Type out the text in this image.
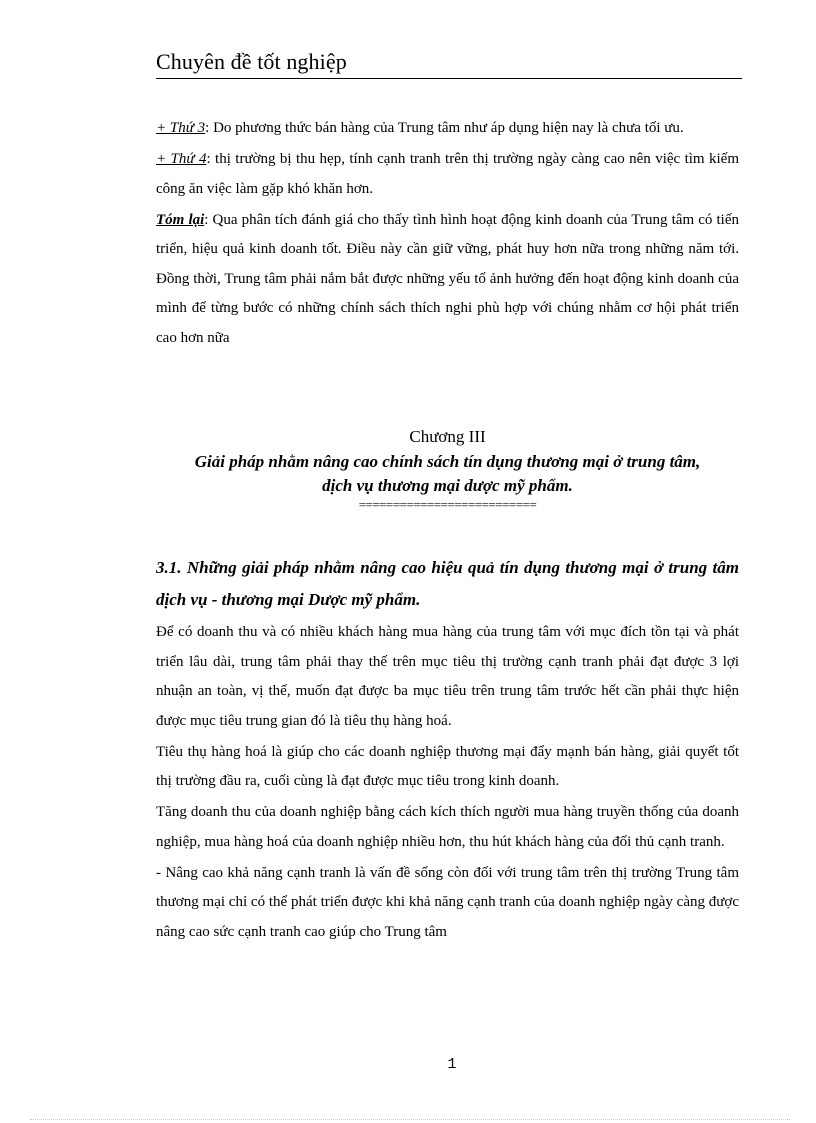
Chuyên đề tốt nghiệp

+ Thứ 3: Do phương thức bán hàng của Trung tâm như áp dụng hiện nay là chưa tối ưu.

+ Thứ 4: thị trường bị thu hẹp, tính cạnh tranh trên thị trường ngày càng cao nên việc tìm kiếm công ăn việc làm gặp khó khăn hơn.

Tóm lại: Qua phân tích đánh giá cho thấy tình hình hoạt động kinh doanh của Trung tâm có tiến triển, hiệu quả kinh doanh tốt. Điều này cần giữ vững, phát huy hơn nữa trong những năm tới. Đồng thời, Trung tâm phải nắm bắt được những yếu tố ảnh hưởng đến hoạt động kinh doanh của mình để từng bước có những chính sách thích nghi phù hợp với chúng nhằm cơ hội phát triển cao hơn nữa

Chương III
Giải pháp nhằm nâng cao chính sách tín dụng thương mại ở trung tâm,
dịch vụ thương mại dược mỹ phẩm.
==========================
3.1. Những giải pháp nhằm nâng cao hiệu quả tín dụng thương mại ở trung tâm dịch vụ - thương mại Dược mỹ phẩm.

Để có doanh thu và có nhiều khách hàng mua hàng của trung tâm với mục đích tồn tại và phát triển lâu dài, trung tâm phải thay thế trên mục tiêu thị trường cạnh tranh phải đạt được 3 lợi nhuận an toàn, vị thế, muốn đạt được ba mục tiêu trên trung tâm trước hết cần phải thực hiện được mục tiêu trung gian đó là tiêu thụ hàng hoá.

Tiêu thụ hàng hoá là giúp cho các doanh nghiệp thương mại đẩy mạnh bán hàng, giải quyết tốt thị trường đầu ra, cuối cùng là đạt được mục tiêu trong kinh doanh.

Tăng doanh thu của doanh nghiệp bằng cách kích thích người mua hàng truyền thống của doanh nghiệp, mua hàng hoá của doanh nghiệp nhiều hơn, thu hút khách hàng của đối thủ cạnh tranh.

- Nâng cao khả năng cạnh tranh là vấn đề sống còn đối với trung tâm trên thị trường Trung tâm thương mại chỉ có thể phát triển được khi khả năng cạnh tranh của doanh nghiệp ngày càng được nâng cao sức cạnh tranh cao giúp cho Trung tâm

1
